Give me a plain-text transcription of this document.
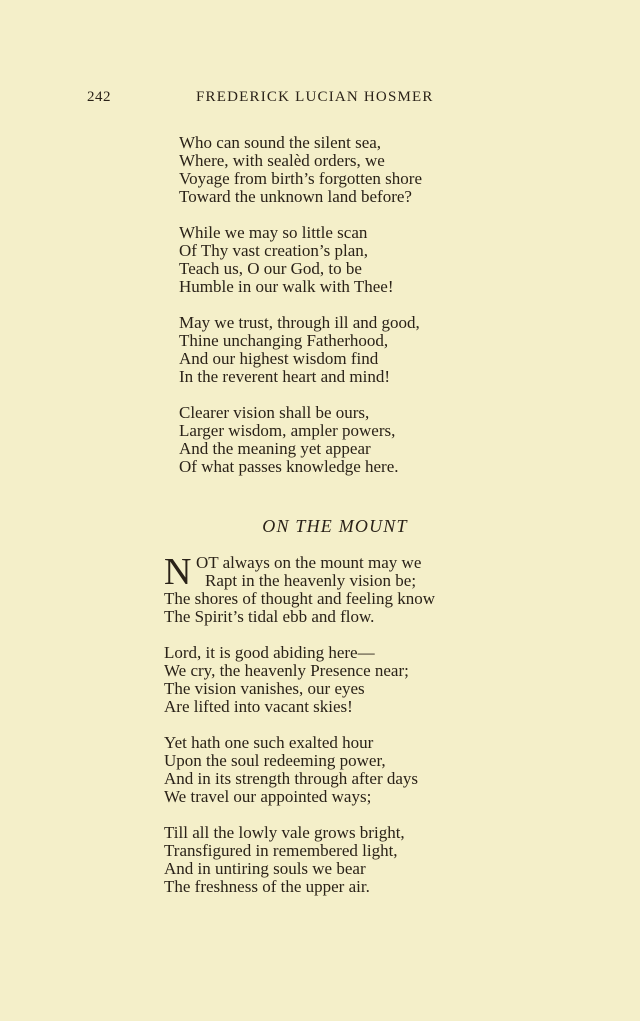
242	FREDERICK LUCIAN HOSMER
Who can sound the silent sea,
Where, with sealèd orders, we
Voyage from birth’s forgotten shore
Toward the unknown land before?
While we may so little scan
Of Thy vast creation’s plan,
Teach us, O our God, to be
Humble in our walk with Thee!
May we trust, through ill and good,
Thine unchanging Fatherhood,
And our highest wisdom find
In the reverent heart and mind!
Clearer vision shall be ours,
Larger wisdom, ampler powers,
And the meaning yet appear
Of what passes knowledge here.
ON THE MOUNT
N OT always on the mount may we
Rapt in the heavenly vision be;
The shores of thought and feeling know
The Spirit’s tidal ebb and flow.
Lord, it is good abiding here—
We cry, the heavenly Presence near;
The vision vanishes, our eyes
Are lifted into vacant skies!
Yet hath one such exalted hour
Upon the soul redeeming power,
And in its strength through after days
We travel our appointed ways;
Till all the lowly vale grows bright,
Transfigured in remembered light,
And in untiring souls we bear
The freshness of the upper air.
